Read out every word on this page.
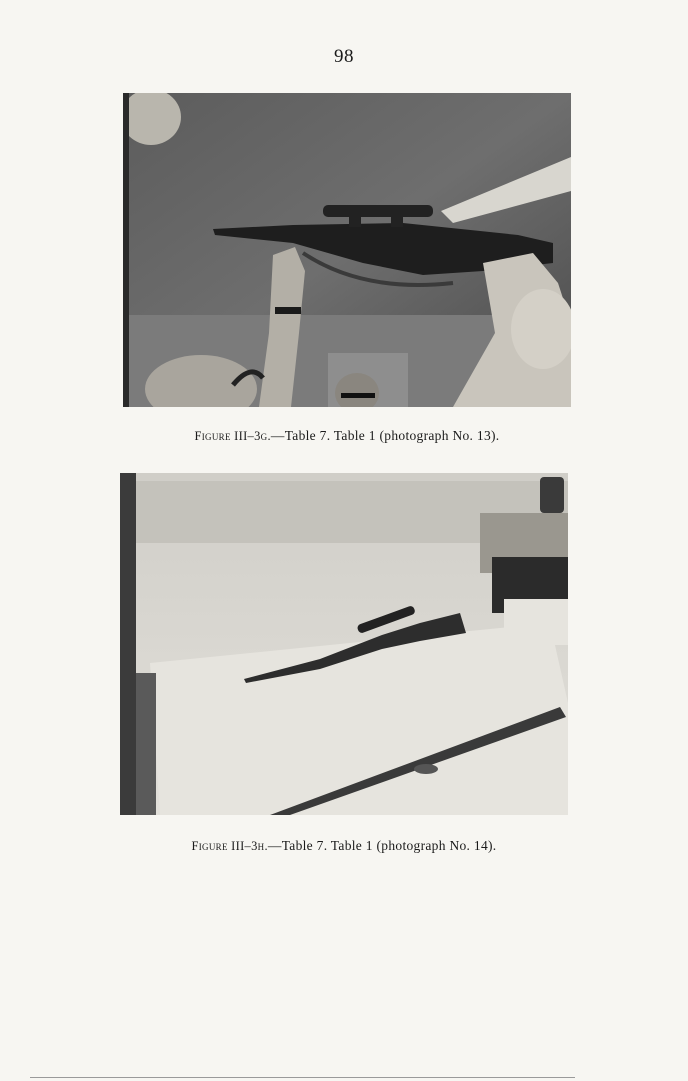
98
Figure III–3g.—Table 7. Table 1 (photograph No. 13).
Figure III–3h.—Table 7. Table 1 (photograph No. 14).
